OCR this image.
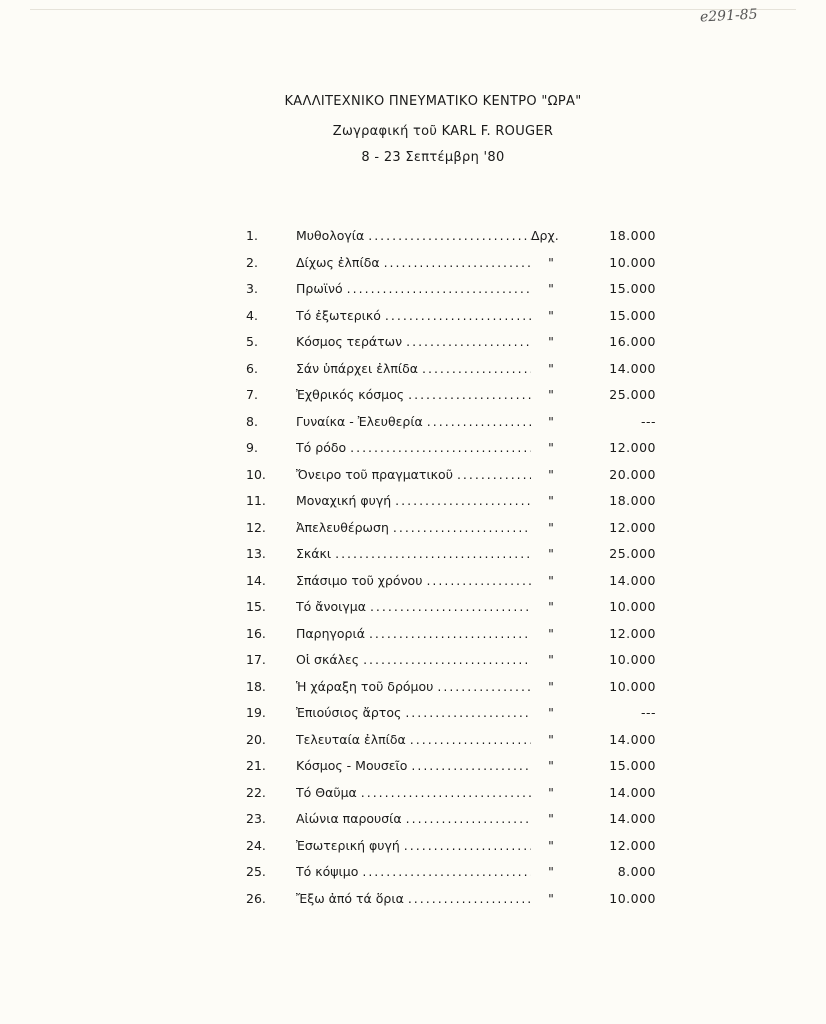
e291-85
ΚΑΛΛΙΤΕΧΝΙΚΟ ΠΝΕΥΜΑΤΙΚΟ ΚΕΝΤΡΟ "ΩΡΑ"
Ζωγραφική τοῦ KARL F. ROUGER
8 - 23 Σεπτέμβρη '80
1.	Μυθολογία .....	Δρχ.	18.000
2.	Δίχως ἐλπίδα .....	"	10.000
3.	Πρωϊνό .....	"	15.000
4.	Τό ἐξωτερικό .....	"	15.000
5.	Κόσμος τεράτων .....	"	16.000
6.	Σάν ὑπάρχει ἐλπίδα .....	"	14.000
7.	Ἐχθρικός κόσμος .....	"	25.000
8.	Γυναίκα - Ἐλευθερία .....	"	---
9.	Τό ρόδο .....	"	12.000
10.	Ὄνειρο τοῦ πραγματικοῦ .....	"	20.000
11.	Μοναχική φυγή .....	"	18.000
12.	Ἀπελευθέρωση .....	"	12.000
13.	Σκάκι .....	"	25.000
14.	Σπάσιμο τοῦ χρόνου .....	"	14.000
15.	Τό ἄνοιγμα .....	"	10.000
16.	Παρηγοριά .....	"	12.000
17.	Οἱ σκάλες .....	"	10.000
18.	Ἡ χάραξη τοῦ δρόμου .....	"	10.000
19.	Ἐπιούσιος ἄρτος .....	"	---
20.	Τελευταία ἐλπίδα .....	"	14.000
21.	Κόσμος - Μουσεῖο .....	"	15.000
22.	Τό Θαῦμα .....	"	14.000
23.	Αἰώνια παρουσία .....	"	14.000
24.	Ἐσωτερική φυγή .....	"	12.000
25.	Τό κόψιμο .....	"	8.000
26.	Ἔξω ἀπό τά ὅρια .....	"	10.000
